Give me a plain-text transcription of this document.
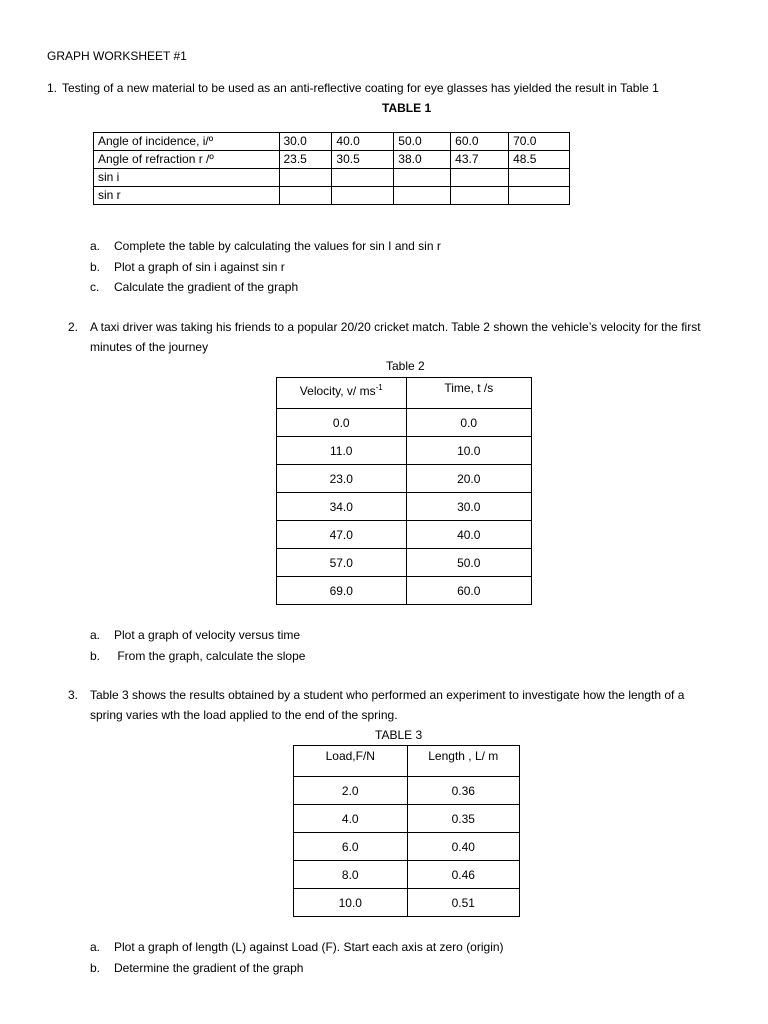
GRAPH WORKSHEET #1
1. Testing of a new material to be used as an anti-reflective coating for eye glasses has yielded the result in Table 1
TABLE 1
Angle of incidence, i/º	30.0	40.0	50.0	60.0	70.0
Angle of refraction r /º	23.5	30.5	38.0	43.7	48.5
sin i					
sin r					
a. Complete the table by calculating the values for sin I and sin r
b. Plot a graph of sin i against sin r
c. Calculate the gradient of the graph
2. A taxi driver was taking his friends to a popular 20/20 cricket match. Table 2 shown the vehicle’s velocity for the first minutes of the journey
Table 2
Velocity, v/ $ms^{-1}$	Time, t /s
0.0	0.0
11.0	10.0
23.0	20.0
34.0	30.0
47.0	40.0
57.0	50.0
69.0	60.0
a. Plot a graph of velocity versus time
b. From the graph, calculate the slope
3. Table 3 shows the results obtained by a student who performed an experiment to investigate how the length of a spring varies wth the load applied to the end of the spring.
TABLE 3
Load,F/N	Length , L/ m
2.0	0.36
4.0	0.35
6.0	0.40
8.0	0.46
10.0	0.51
a. Plot a graph of length (L) against Load (F). Start each axis at zero (origin)
b. Determine the gradient of the graph
